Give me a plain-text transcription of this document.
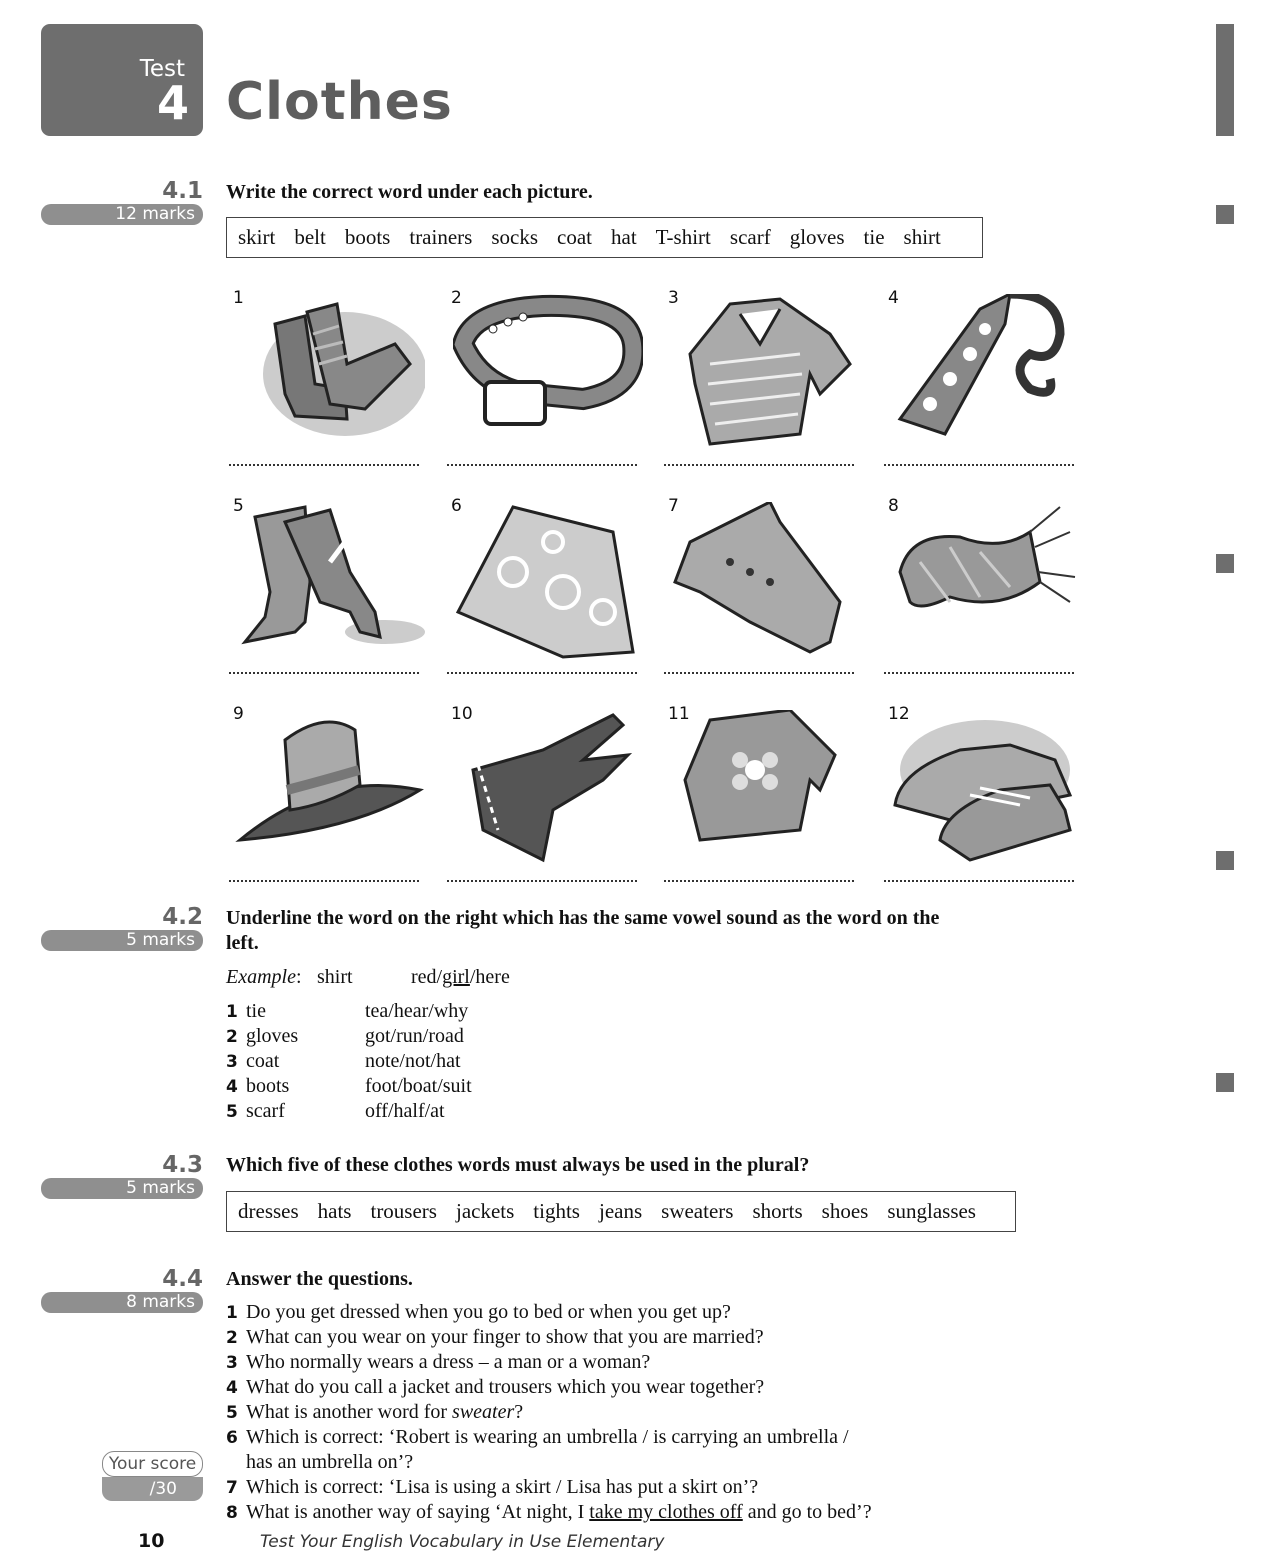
Test
4 Clothes
4.1
12 marks
Write the correct word under each picture.
skirt belt boots trainers socks coat hat T-shirt scarf gloves tie shirt
1	2	3	4
5	6	7	8
9	10	11	12
4.2
5 marks
Underline the word on the right which has the same vowel sound as the word on the
left.
Example: shirt	red/girl/here
1 tie	tea/hear/why
2 gloves	got/run/road
3 coat	note/not/hat
4 boots	foot/boat/suit
5 scarf	off/half/at
4.3
5 marks
Which five of these clothes words must always be used in the plural?
dresses hats trousers jackets tights jeans sweaters shorts shoes sunglasses
4.4
8 marks
Answer the questions.
1 Do you get dressed when you go to bed or when you get up?
2 What can you wear on your finger to show that you are married?
3 Who normally wears a dress – a man or a woman?
4 What do you call a jacket and trousers which you wear together?
5 What is another word for sweater?
6 Which is correct: ‘Robert is wearing an umbrella / is carrying an umbrella /
has an umbrella on’?
7 Which is correct: ‘Lisa is using a skirt / Lisa has put a skirt on’?
8 What is another way of saying ‘At night, I take my clothes off and go to bed’?
/30
Your score
10	Test Your English Vocabulary in Use Elementary
